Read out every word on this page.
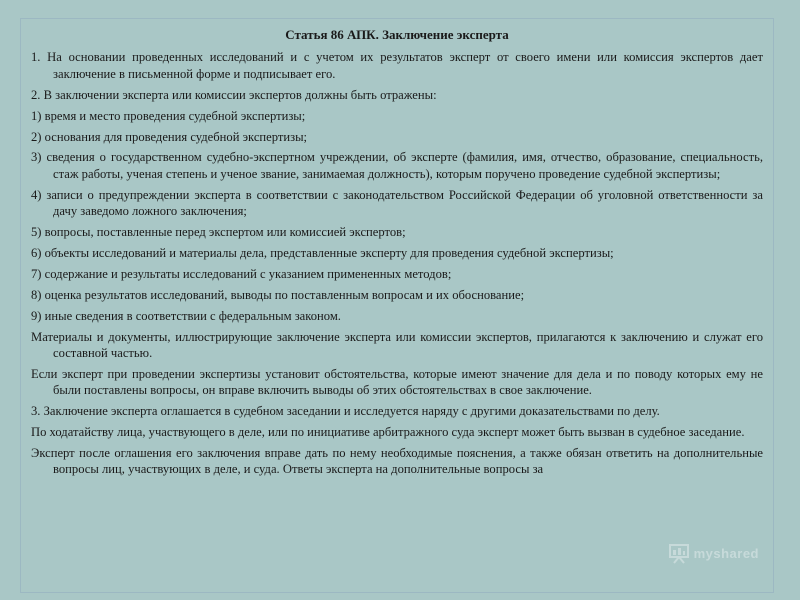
Статья 86 АПК. Заключение эксперта
1. На основании проведенных исследований и с учетом их результатов эксперт от своего имени или комиссия экспертов дает заключение в письменной форме и подписывает его.
2. В заключении эксперта или комиссии экспертов должны быть отражены:
1) время и место проведения судебной экспертизы;
2) основания для проведения судебной экспертизы;
3) сведения о государственном судебно-экспертном учреждении, об эксперте (фамилия, имя, отчество, образование, специальность, стаж работы, ученая степень и ученое звание, занимаемая должность), которым поручено проведение судебной экспертизы;
4) записи о предупреждении эксперта в соответствии с законодательством Российской Федерации об уголовной ответственности за дачу заведомо ложного заключения;
5) вопросы, поставленные перед экспертом или комиссией экспертов;
6) объекты исследований и материалы дела, представленные эксперту для проведения судебной экспертизы;
7) содержание и результаты исследований с указанием примененных методов;
8) оценка результатов исследований, выводы по поставленным вопросам и их обоснование;
9) иные сведения в соответствии с федеральным законом.
Материалы и документы, иллюстрирующие заключение эксперта или комиссии экспертов, прилагаются к заключению и служат его составной частью.
Если эксперт при проведении экспертизы установит обстоятельства, которые имеют значение для дела и по поводу которых ему не были поставлены вопросы, он вправе включить выводы об этих обстоятельствах в свое заключение.
3. Заключение эксперта оглашается в судебном заседании и исследуется наряду с другими доказательствами по делу.
По ходатайству лица, участвующего в деле, или по инициативе арбитражного суда эксперт может быть вызван в судебное заседание.
Эксперт после оглашения его заключения вправе дать по нему необходимые пояснения, а также обязан ответить на дополнительные вопросы лиц, участвующих в деле, и суда. Ответы эксперта на дополнительные вопросы за
myshared
